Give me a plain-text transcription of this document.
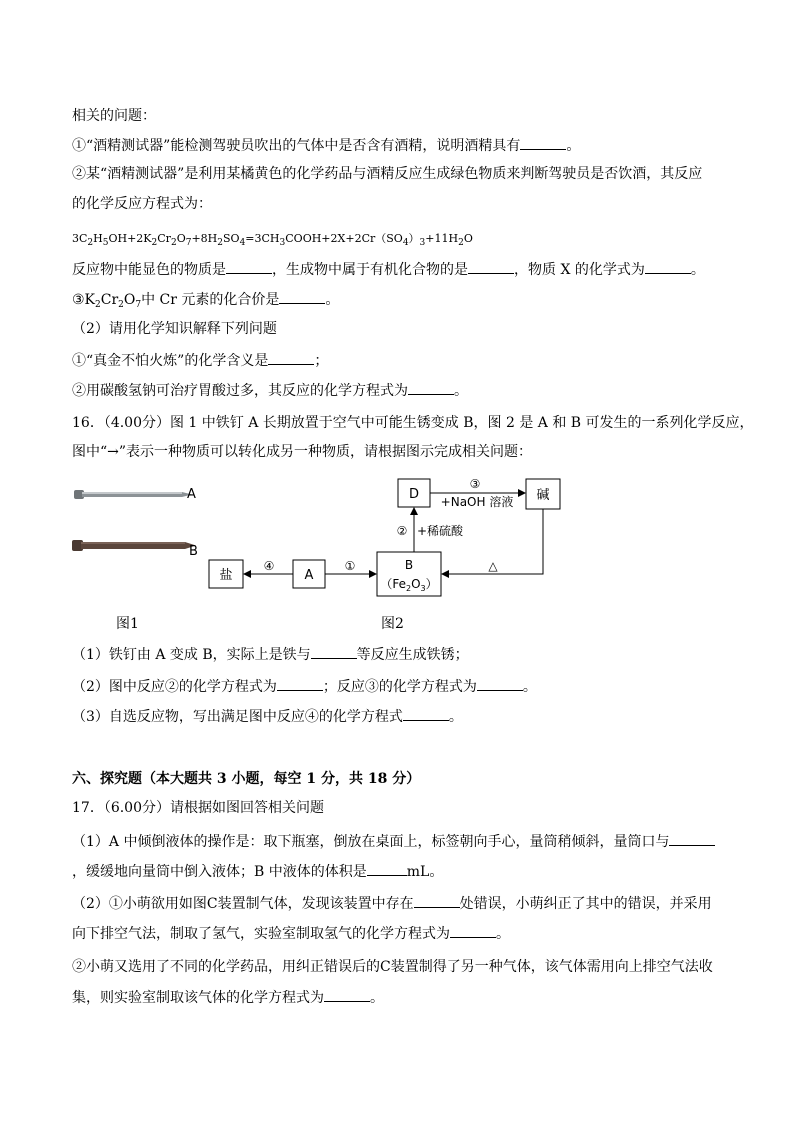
相关的问题：
①“酒精测试器”能检测驾驶员吹出的气体中是否含有酒精，说明酒精具有	。
②某“酒精测试器”是利用某橘黄色的化学药品与酒精反应生成绿色物质来判断驾驶员是否饮酒，其反应
的化学反应方程式为：
$3C_2H_5OH+2K_2Cr_2O_7+8H_2SO_4=3CH_3COOH+2X+2Cr(SO_4)_3+11H_2O$
反应物中能显色的物质是	，生成物中属于有机化合物的是	，物质 X 的化学式为	。
$③K_2Cr_2O_7$中 Cr 元素的化合价是	。
（2）请用化学知识解释下列问题
①“真金不怕火炼”的化学含义是	；
②用碳酸氢钠可治疗胃酸过多，其反应的化学方程式为	。
16．（4.00分）图 1 中铁钉 A 长期放置于空气中可能生锈变成 B，图 2 是 A 和 B 可发生的一系列化学反应，
图中“→”表示一种物质可以转化成另一种物质，请根据图示完成相关问题：
A
B
图1
D	碱
盐	A
B
$(Fe_2O_3)$
①
④
② +稀硫酸
③
+NaOH 溶液
△
图2
（1）铁钉由 A 变成 B，实际上是铁与	等反应生成铁锈；
（2）图中反应②的化学方程式为	；反应③的化学方程式为	。
（3）自选反应物，写出满足图中反应④的化学方程式	。
六、探究题（本大题共 3 小题，每空 1 分，共 18 分）
17．（6.00分）请根据如图回答相关问题
（1）A 中倾倒液体的操作是：取下瓶塞，倒放在桌面上，标签朝向手心，量筒稍倾斜，量筒口与
，缓缓地向量筒中倒入液体；B 中液体的体积是	mL。
（2）①小萌欲用如图C装置制气体，发现该装置中存在	处错误，小萌纠正了其中的错误，并采用
向下排空气法，制取了氢气，实验室制取氢气的化学方程式为	。
②小萌又选用了不同的化学药品，用纠正错误后的C装置制得了另一种气体，该气体需用向上排空气法收
集，则实验室制取该气体的化学方程式为	。
